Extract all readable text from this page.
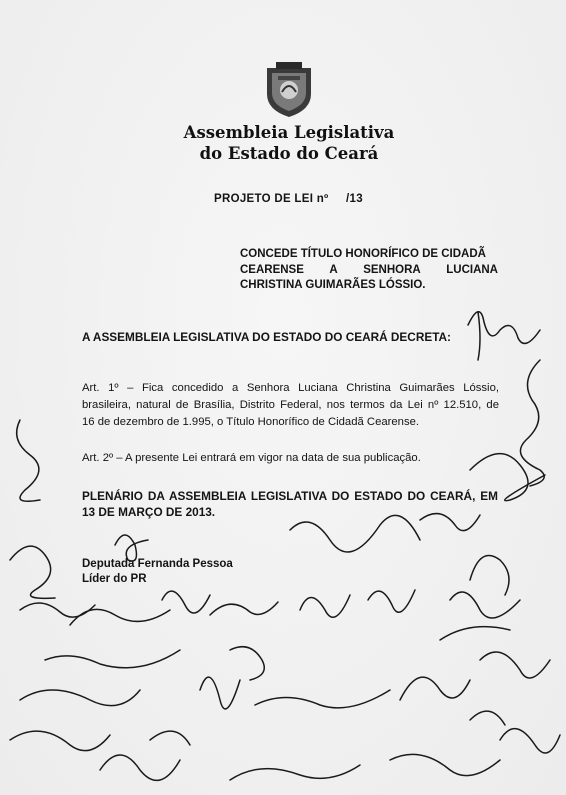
Assembleia Legislativa
do Estado do Ceará
PROJETO DE LEI nº     /13
CONCEDE TÍTULO HONORÍFICO DE CIDADÃ
CEARENSE A SENHORA LUCIANA
CHRISTINA GUIMARÃES LÓSSIO.
A ASSEMBLEIA LEGISLATIVA DO ESTADO DO CEARÁ DECRETA:
Art. 1º – Fica concedido a Senhora Luciana Christina Guimarães Lóssio,
brasileira, natural de Brasília, Distrito Federal, nos termos da Lei nº 12.510, de
16 de dezembro de 1.995, o Título Honorífico de Cidadã Cearense.
Art. 2º – A presente Lei entrará em vigor na data de sua publicação.
PLENÁRIO DA ASSEMBLEIA LEGISLATIVA DO ESTADO DO CEARÁ, EM
13 DE MARÇO DE 2013.
Deputada Fernanda Pessoa
Líder do PR
